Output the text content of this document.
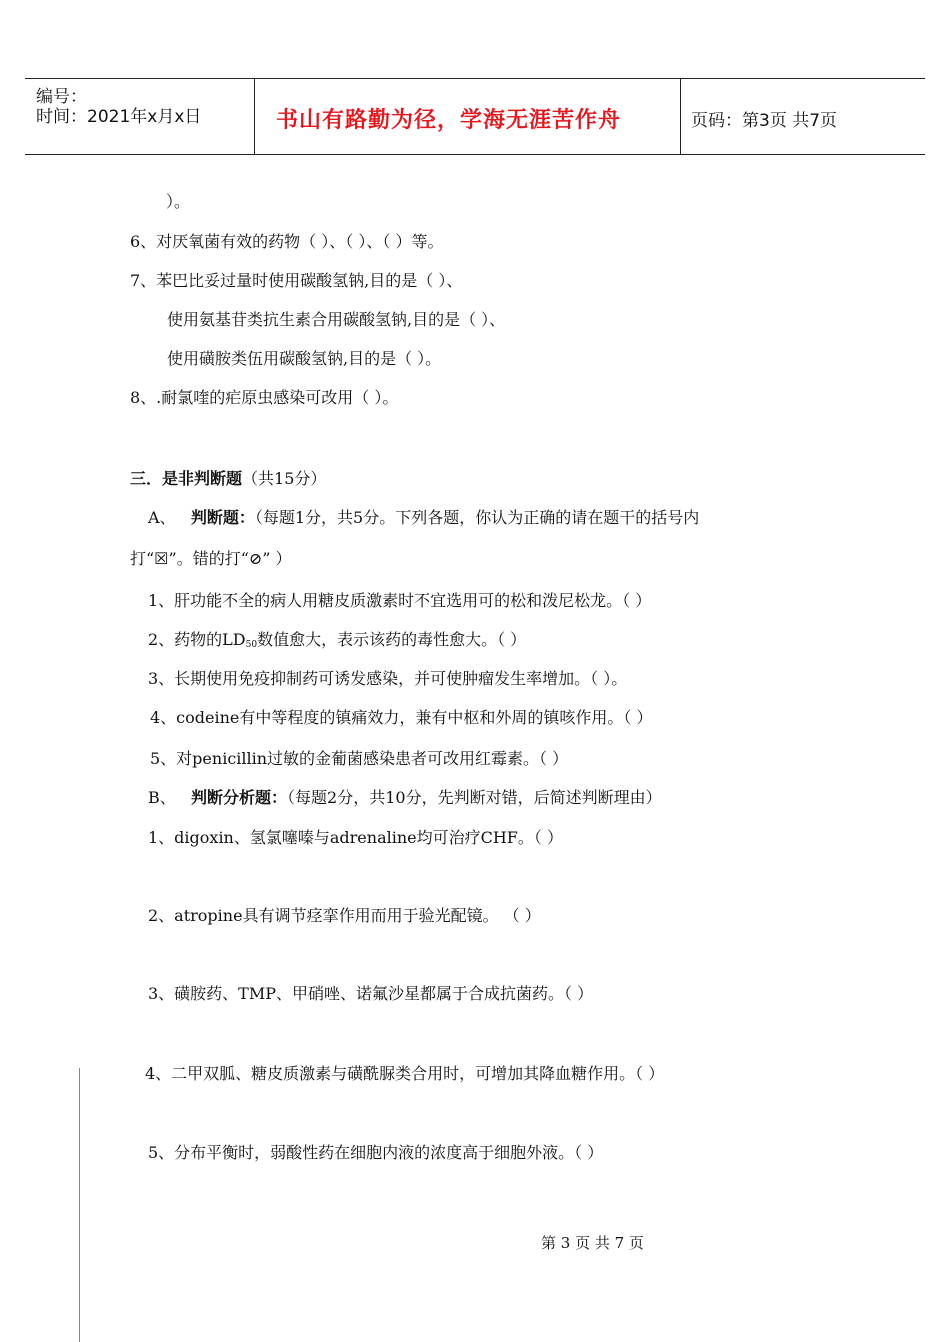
编号：
时间：2021年x月x日	书山有路勤为径，学海无涯苦作舟	页码：第3页 共7页
）。
6、对厌氧菌有效的药物（ ）、（ ）、（ ）等。
7、苯巴比妥过量时使用碳酸氢钠,目的是（ ）、
使用氨基苷类抗生素合用碳酸氢钠,目的是（ ）、
使用磺胺类伍用碳酸氢钠,目的是（ ）。
8、.耐氯喹的疟原虫感染可改用（ ）。
三．是非判断题（共15分）
A、 判断题：（每题1分，共5分。下列各题，你认为正确的请在题干的括号内
打“☒”。错的打“⊘” ）
1、肝功能不全的病人用糖皮质激素时不宜选用可的松和泼尼松龙。（ ）
2、药物的$LD_{50}$数值愈大，表示该药的毒性愈大。（ ）
3、长期使用免疫抑制药可诱发感染，并可使肿瘤发生率增加。（ ）。
4、codeine有中等程度的镇痛效力，兼有中枢和外周的镇咳作用。（ ）
5、对penicillin过敏的金葡菌感染患者可改用红霉素。（ ）
B、 判断分析题：（每题2分，共10分，先判断对错，后简述判断理由）
1、digoxin、氢氯噻嗪与adrenaline均可治疗CHF。（ ）
2、atropine具有调节痉挛作用而用于验光配镜。 （ ）
3、磺胺药、TMP、甲硝唑、诺氟沙星都属于合成抗菌药。（ ）
4、二甲双胍、糖皮质激素与磺酰脲类合用时，可增加其降血糖作用。（ ）
5、分布平衡时，弱酸性药在细胞内液的浓度高于细胞外液。（ ）
第 3 页 共 7 页
